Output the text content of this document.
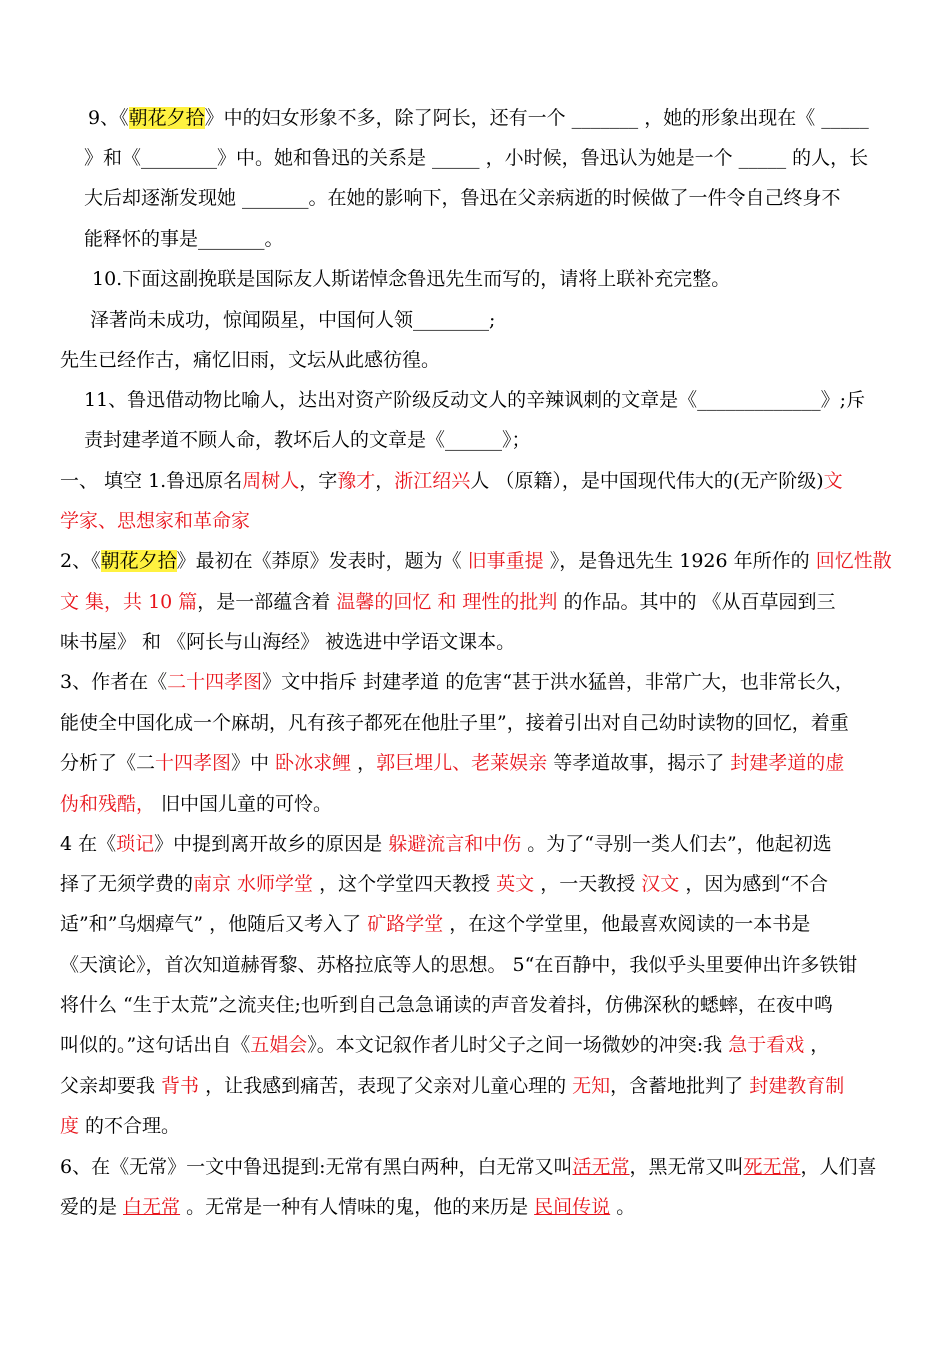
9、《朝花夕拾》中的妇女形象不多，除了阿长，还有一个 _______ ，她的形象出现在《 _____
》和《________》中。她和鲁迅的关系是 _____ ，小时候，鲁迅认为她是一个 _____ 的人，长
大后却逐渐发现她 _______。在她的影响下，鲁迅在父亲病逝的时候做了一件令自己终身不
能释怀的事是_______。
10.下面这副挽联是国际友人斯诺悼念鲁迅先生而写的，请将上联补充完整。
泽著尚未成功，惊闻陨星，中国何人领________;
先生已经作古，痛忆旧雨，文坛从此感彷徨。
11、鲁迅借动物比喻人，达出对资产阶级反动文人的辛辣讽刺的文章是《_____________》;斥
责封建孝道不顾人命，教坏后人的文章是《______》；
一、 填空 1.鲁迅原名周树人，字豫才，浙江绍兴人 （原籍），是中国现代伟大的(无产阶级)文
学家、思想家和革命家
2、《朝花夕拾》最初在《莽原》发表时，题为《 旧事重提 》，是鲁迅先生 1926 年所作的 回忆性散
文 集，共 10 篇，是一部蕴含着 温馨的回忆 和 理性的批判 的作品。其中的 《从百草园到三
味书屋》 和 《阿长与山海经》 被选进中学语文课本。
3、作者在《二十四孝图》文中指斥 封建孝道 的危害“甚于洪水猛兽，非常广大，也非常长久，
能使全中国化成一个麻胡，凡有孩子都死在他肚子里”，接着引出对自己幼时读物的回忆，着重
分析了《二十四孝图》中 卧冰求鲤 ，郭巨埋儿、老莱娱亲 等孝道故事，揭示了 封建孝道的虚
伪和残酷， 旧中国儿童的可怜。
4 在《琐记》中提到离开故乡的原因是 躲避流言和中伤 。为了“寻别一类人们去”，他起初选
择了无须学费的南京 水师学堂 ，这个学堂四天教授 英文 ，一天教授 汉文 ，因为感到“不合
适”和”乌烟瘴气” ，他随后又考入了 矿路学堂 ，在这个学堂里，他最喜欢阅读的一本书是
《天演论》，首次知道赫胥黎、苏格拉底等人的思想。 5“在百静中，我似乎头里要伸出许多铁钳
将什么 “生于太荒”之流夹住;也听到自己急急诵读的声音发着抖，仿佛深秋的蟋蟀，在夜中鸣
叫似的。”这句话出自《五娼会》。本文记叙作者儿时父子之间一场微妙的冲突:我 急于看戏 ，
父亲却要我 背书 ，让我感到痛苦，表现了父亲对儿童心理的 无知，含蓄地批判了 封建教育制
度 的不合理。
6、在《无常》一文中鲁迅提到:无常有黑白两种，白无常又叫活无常，黑无常又叫死无常，人们喜
爱的是 白无常 。无常是一种有人情味的鬼，他的来历是 民间传说 。
